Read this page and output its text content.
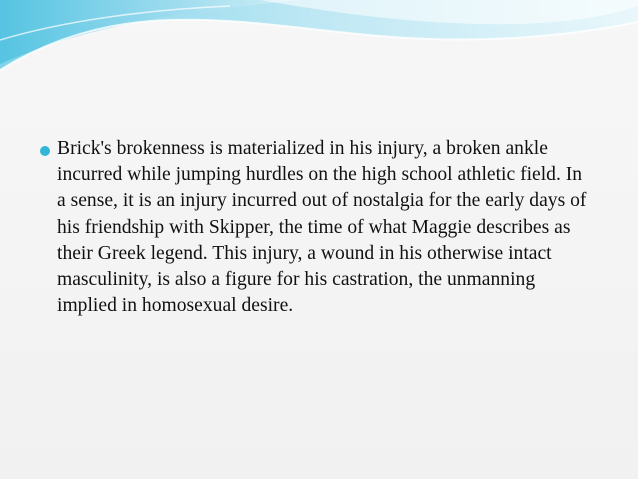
Brick's brokenness is materialized in his injury, a broken ankle incurred while jumping hurdles on the high school athletic field. In a sense, it is an injury incurred out of nostalgia for the early days of his friendship with Skipper, the time of what Maggie describes as their Greek legend. This injury, a wound in his otherwise intact masculinity, is also a figure for his castration, the unmanning implied in homosexual desire.
